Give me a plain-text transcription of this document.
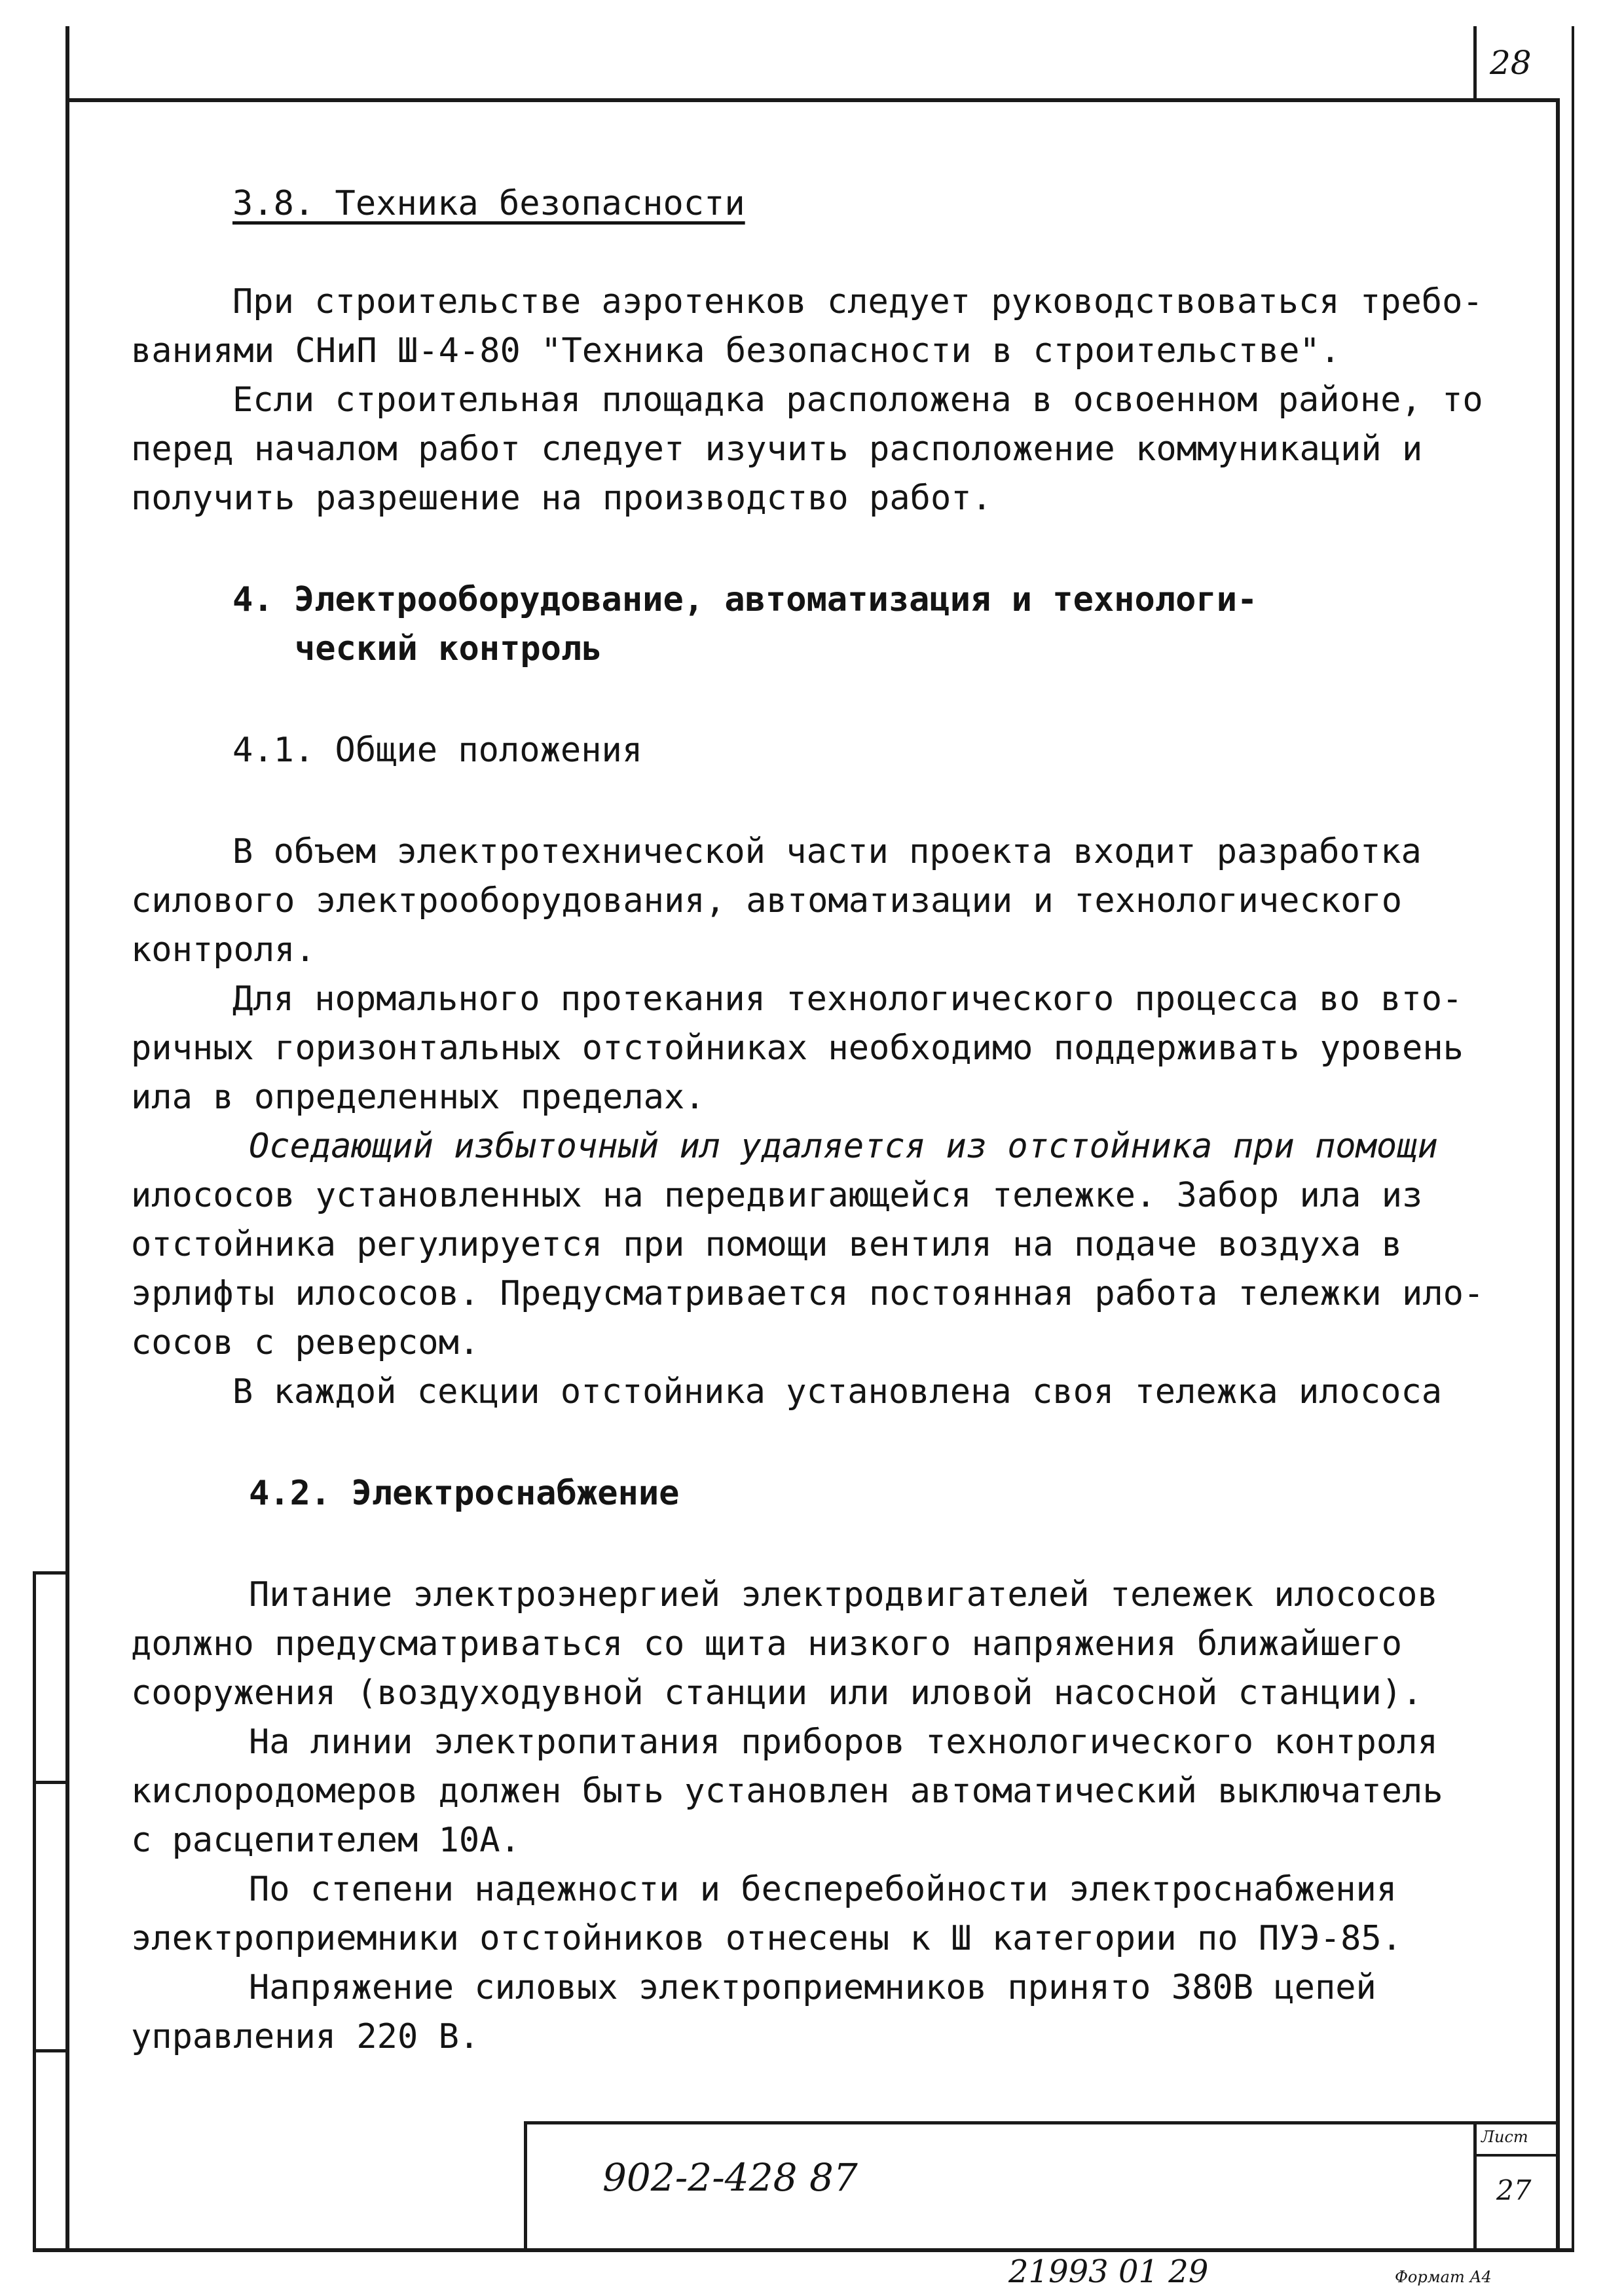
28
902-2-428 87
Лист
27
21993 01 29	Формат А4
3.8. Техника безопасности
При строительстве аэротенков следует руководствоваться требо-
ваниями СНиП Ш-4-80 "Техника безопасности в строительстве".
Если строительная площадка расположена в освоенном районе, то
перед началом работ следует изучить расположение коммуникаций и
получить разрешение на производство работ.
4. Электрооборудование, автоматизация и технологи-
ческий контроль
4.1. Общие положения
В объем электротехнической части проекта входит разработка
силового электрооборудования, автоматизации и технологического
контроля.
Для нормального протекания технологического процесса во вто-
ричных горизонтальных отстойниках необходимо поддерживать уровень
ила в определенных пределах.
Оседающий избыточный ил удаляется из отстойника при помощи
илососов установленных на передвигающейся тележке. Забор ила из
отстойника регулируется при помощи вентиля на подаче воздуха в
эрлифты илососов. Предусматривается постоянная работа тележки ило-
сосов с реверсом.
В каждой секции отстойника установлена своя тележка илососа
4.2. Электроснабжение
Питание электроэнергией электродвигателей тележек илососов
должно предусматриваться со щита низкого напряжения ближайшего
сооружения (воздуходувной станции или иловой насосной станции).
На линии электропитания приборов технологического контроля
кислородомеров должен быть установлен автоматический выключатель
с расцепителем 10А.
По степени надежности и бесперебойности электроснабжения
электроприемники отстойников отнесены к Ш категории по ПУЭ-85.
Напряжение силовых электроприемников принято 380В цепей
управления 220 В.
